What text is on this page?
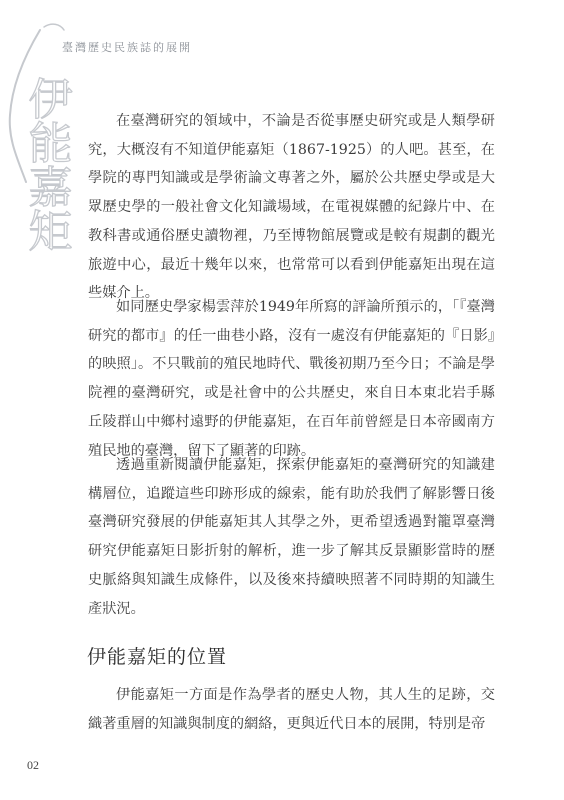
伊能嘉矩
臺灣歷史民族誌的展開

在臺灣研究的領域中，不論是否從事歷史研究或是人類學研究，大概沒有不知道伊能嘉矩（1867-1925）的人吧。甚至，在學院的專門知識或是學術論文專著之外，屬於公共歷史學或是大眾歷史學的一般社會文化知識場域，在電視媒體的紀錄片中、在教科書或通俗歷史讀物裡，乃至博物館展覽或是較有規劃的觀光旅遊中心，最近十幾年以來，也常常可以看到伊能嘉矩出現在這些媒介上。

如同歷史學家楊雲萍於1949年所寫的評論所預示的，「『臺灣研究的都市』的任一曲巷小路，沒有一處沒有伊能嘉矩的『日影』的映照」。不只戰前的殖民地時代、戰後初期乃至今日；不論是學院裡的臺灣研究，或是社會中的公共歷史，來自日本東北岩手縣丘陵群山中鄉村遠野的伊能嘉矩，在百年前曾經是日本帝國南方殖民地的臺灣，留下了顯著的印跡。

透過重新閱讀伊能嘉矩，探索伊能嘉矩的臺灣研究的知識建構層位，追蹤這些印跡形成的線索，能有助於我們了解影響日後臺灣研究發展的伊能嘉矩其人其學之外，更希望透過對籠罩臺灣研究伊能嘉矩日影折射的解析，進一步了解其反景顯影當時的歷史脈絡與知識生成條件，以及後來持續映照著不同時期的知識生產狀況。

伊能嘉矩的位置

伊能嘉矩一方面是作為學者的歷史人物，其人生的足跡，交織著重層的知識與制度的網絡，更與近代日本的展開，特別是帝

02
